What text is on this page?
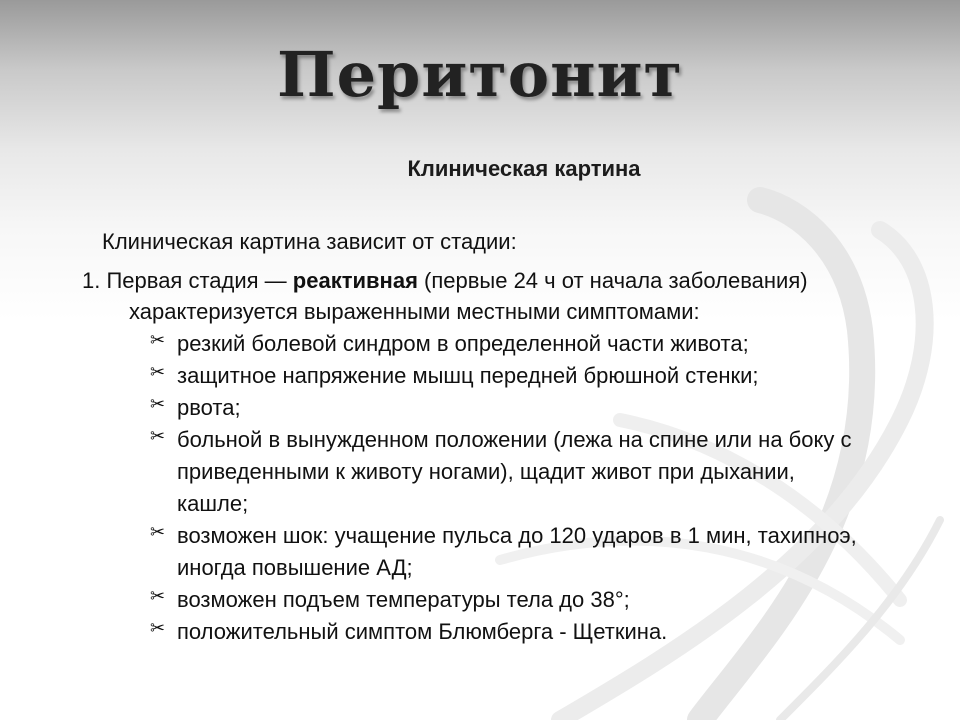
Перитонит
Клиническая картина
Клиническая картина зависит от стадии:
1. Первая стадия — реактивная (первые 24 ч от начала заболевания)
характеризуется выраженными местными симптомами:
✂ резкий болевой синдром в определенной части живота;
✂ защитное напряжение мышц передней брюшной стенки;
✂ рвота;
✂ больной в вынужденном положении (лежа на спине или на боку с приведенными к животу ногами), щадит живот при дыхании, кашле;
✂ возможен шок: учащение пульса до 120 ударов в 1 мин, тахипноэ, иногда повышение АД;
✂ возможен подъем температуры тела до 38°;
✂ положительный симптом Блюмберга - Щеткина.
